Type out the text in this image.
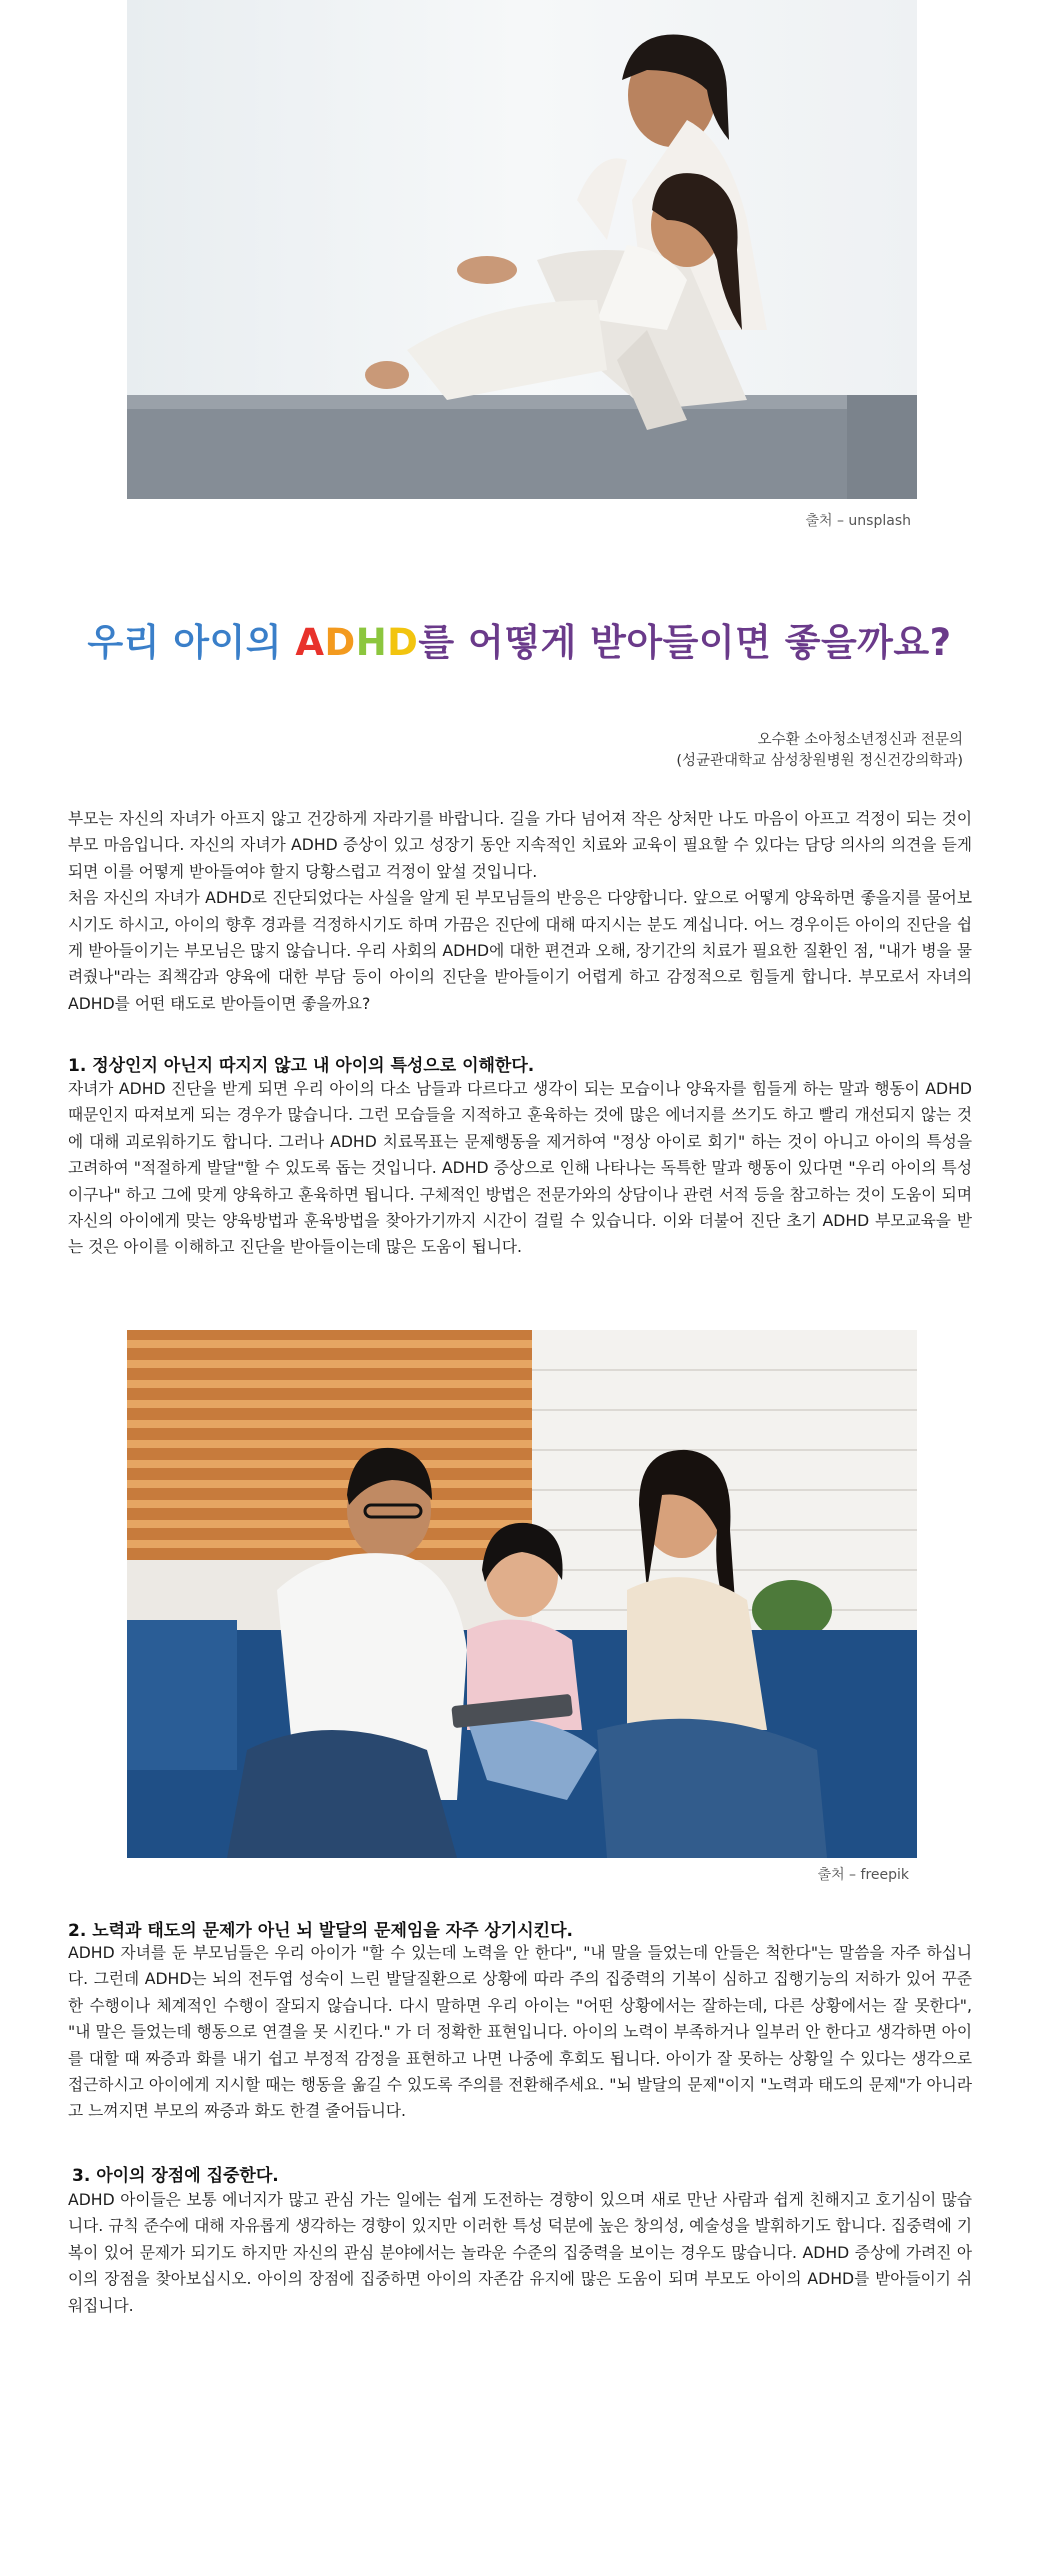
출처 – unsplash
우리 아이의 ADHD를 어떻게 받아들이면 좋을까요?
오수환 소아청소년정신과 전문의
(성균관대학교 삼성창원병원 정신건강의학과)

부모는 자신의 자녀가 아프지 않고 건강하게 자라기를 바랍니다. 길을 가다 넘어져 작은 상처만 나도 마음이 아프고 걱정이 되는 것이 부모 마음입니다. 자신의 자녀가 ADHD 증상이 있고 성장기 동안 지속적인 치료와 교육이 필요할 수 있다는 담당 의사의 의견을 듣게 되면 이를 어떻게 받아들여야 할지 당황스럽고 걱정이 앞설 것입니다.

처음 자신의 자녀가 ADHD로 진단되었다는 사실을 알게 된 부모님들의 반응은 다양합니다. 앞으로 어떻게 양육하면 좋을지를 물어보시기도 하시고, 아이의 향후 경과를 걱정하시기도 하며 가끔은 진단에 대해 따지시는 분도 계십니다. 어느 경우이든 아이의 진단을 쉽게 받아들이기는 부모님은 많지 않습니다. 우리 사회의 ADHD에 대한 편견과 오해, 장기간의 치료가 필요한 질환인 점, "내가 병을 물려줬나"라는 죄책감과 양육에 대한 부담 등이 아이의 진단을 받아들이기 어렵게 하고 감정적으로 힘들게 합니다. 부모로서 자녀의 ADHD를 어떤 태도로 받아들이면 좋을까요?

1. 정상인지 아닌지 따지지 않고 내 아이의 특성으로 이해한다.
자녀가 ADHD 진단을 받게 되면 우리 아이의 다소 남들과 다르다고 생각이 되는 모습이나 양육자를 힘들게 하는 말과 행동이 ADHD 때문인지 따져보게 되는 경우가 많습니다. 그런 모습들을 지적하고 훈육하는 것에 많은 에너지를 쓰기도 하고 빨리 개선되지 않는 것에 대해 괴로워하기도 합니다. 그러나 ADHD 치료목표는 문제행동을 제거하여 "정상 아이로 회기" 하는 것이 아니고 아이의 특성을 고려하여 "적절하게 발달"할 수 있도록 돕는 것입니다. ADHD 증상으로 인해 나타나는 독특한 말과 행동이 있다면 "우리 아이의 특성이구나" 하고 그에 맞게 양육하고 훈육하면 됩니다. 구체적인 방법은 전문가와의 상담이나 관련 서적 등을 참고하는 것이 도움이 되며 자신의 아이에게 맞는 양육방법과 훈육방법을 찾아가기까지 시간이 걸릴 수 있습니다. 이와 더불어 진단 초기 ADHD 부모교육을 받는 것은 아이를 이해하고 진단을 받아들이는데 많은 도움이 됩니다.
출처 – freepik
2. 노력과 태도의 문제가 아닌 뇌 발달의 문제임을 자주 상기시킨다.
ADHD 자녀를 둔 부모님들은 우리 아이가 "할 수 있는데 노력을 안 한다", "내 말을 들었는데 안들은 척한다"는 말씀을 자주 하십니다. 그런데 ADHD는 뇌의 전두엽 성숙이 느린 발달질환으로 상황에 따라 주의 집중력의 기복이 심하고 집행기능의 저하가 있어 꾸준한 수행이나 체계적인 수행이 잘되지 않습니다. 다시 말하면 우리 아이는 "어떤 상황에서는 잘하는데, 다른 상황에서는 잘 못한다", "내 말은 들었는데 행동으로 연결을 못 시킨다." 가 더 정확한 표현입니다. 아이의 노력이 부족하거나 일부러 안 한다고 생각하면 아이를 대할 때 짜증과 화를 내기 쉽고 부정적 감정을 표현하고 나면 나중에 후회도 됩니다. 아이가 잘 못하는 상황일 수 있다는 생각으로 접근하시고 아이에게 지시할 때는 행동을 옮길 수 있도록 주의를 전환해주세요. "뇌 발달의 문제"이지 "노력과 태도의 문제"가 아니라고 느껴지면 부모의 짜증과 화도 한결 줄어듭니다.
3. 아이의 장점에 집중한다.
ADHD 아이들은 보통 에너지가 많고 관심 가는 일에는 쉽게 도전하는 경향이 있으며 새로 만난 사람과 쉽게 친해지고 호기심이 많습니다. 규칙 준수에 대해 자유롭게 생각하는 경향이 있지만 이러한 특성 덕분에 높은 창의성, 예술성을 발휘하기도 합니다. 집중력에 기복이 있어 문제가 되기도 하지만 자신의 관심 분야에서는 놀라운 수준의 집중력을 보이는 경우도 많습니다. ADHD 증상에 가려진 아이의 장점을 찾아보십시오. 아이의 장점에 집중하면 아이의 자존감 유지에 많은 도움이 되며 부모도 아이의 ADHD를 받아들이기 쉬워집니다.
